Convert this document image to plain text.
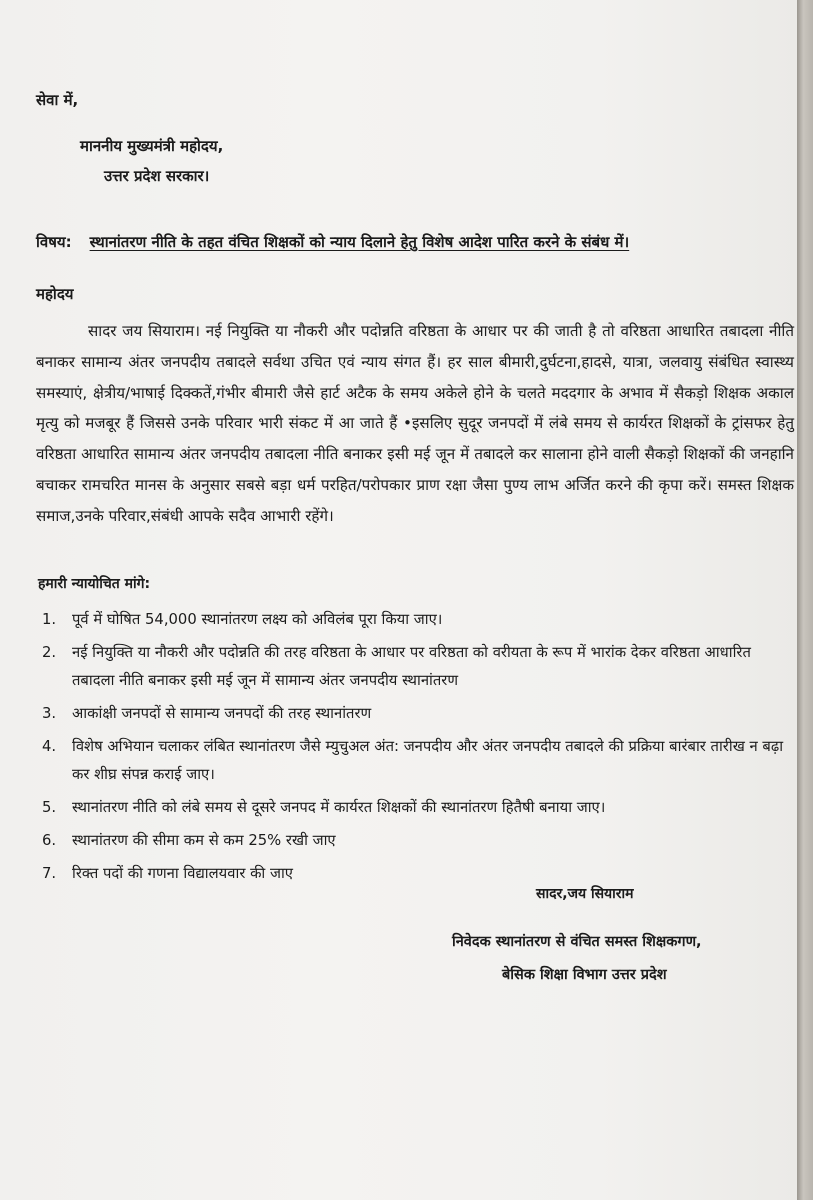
सेवा में,
माननीय मुख्यमंत्री महोदय,
उत्तर प्रदेश सरकार।
विषय: स्थानांतरण नीति के तहत वंचित शिक्षकों को न्याय दिलाने हेतु विशेष आदेश पारित करने के संबंध में।
महोदय
सादर जय सियाराम। नई नियुक्ति या नौकरी और पदोन्नति वरिष्ठता के आधार पर की जाती है तो वरिष्ठता आधारित तबादला नीति बनाकर सामान्य अंतर जनपदीय तबादले सर्वथा उचित एवं न्याय संगत हैं। हर साल बीमारी,दुर्घटना,हादसे, यात्रा, जलवायु संबंधित स्वास्थ्य समस्याएं, क्षेत्रीय/भाषाई दिक्कतें,गंभीर बीमारी जैसे हार्ट अटैक के समय अकेले होने के चलते मददगार के अभाव में सैकड़ो शिक्षक अकाल मृत्यु को मजबूर हैं जिससे उनके परिवार भारी संकट में आ जाते हैं •इसलिए सुदूर जनपदों में लंबे समय से कार्यरत शिक्षकों के ट्रांसफर हेतु वरिष्ठता आधारित सामान्य अंतर जनपदीय तबादला नीति बनाकर इसी मई जून में तबादले कर सालाना होने वाली सैकड़ो शिक्षकों की जनहानि बचाकर रामचरित मानस के अनुसार सबसे बड़ा धर्म परहित/परोपकार प्राण रक्षा जैसा पुण्य लाभ अर्जित करने की कृपा करें। समस्त शिक्षक समाज,उनके परिवार,संबंधी आपके सदैव आभारी रहेंगे।
हमारी न्यायोचित मांगे:
1. पूर्व में घोषित 54,000 स्थानांतरण लक्ष्य को अविलंब पूरा किया जाए।
2. नई नियुक्ति या नौकरी और पदोन्नति की तरह वरिष्ठता के आधार पर वरिष्ठता को वरीयता के रूप में भारांक देकर वरिष्ठता आधारित तबादला नीति बनाकर इसी मई जून में सामान्य अंतर जनपदीय स्थानांतरण
3. आकांक्षी जनपदों से सामान्य जनपदों की तरह स्थानांतरण
4. विशेष अभियान चलाकर लंबित स्थानांतरण जैसे म्युचुअल अंत: जनपदीय और अंतर जनपदीय तबादले की प्रक्रिया बारंबार तारीख न बढ़ा कर शीघ्र संपन्न कराई जाए।
5. स्थानांतरण नीति को लंबे समय से दूसरे जनपद में कार्यरत शिक्षकों की स्थानांतरण हितैषी बनाया जाए।
6. स्थानांतरण की सीमा कम से कम 25% रखी जाए
7. रिक्त पदों की गणना विद्यालयवार की जाए
सादर,जय सियाराम
निवेदक स्थानांतरण से वंचित समस्त शिक्षकगण,
बेसिक शिक्षा विभाग उत्तर प्रदेश
